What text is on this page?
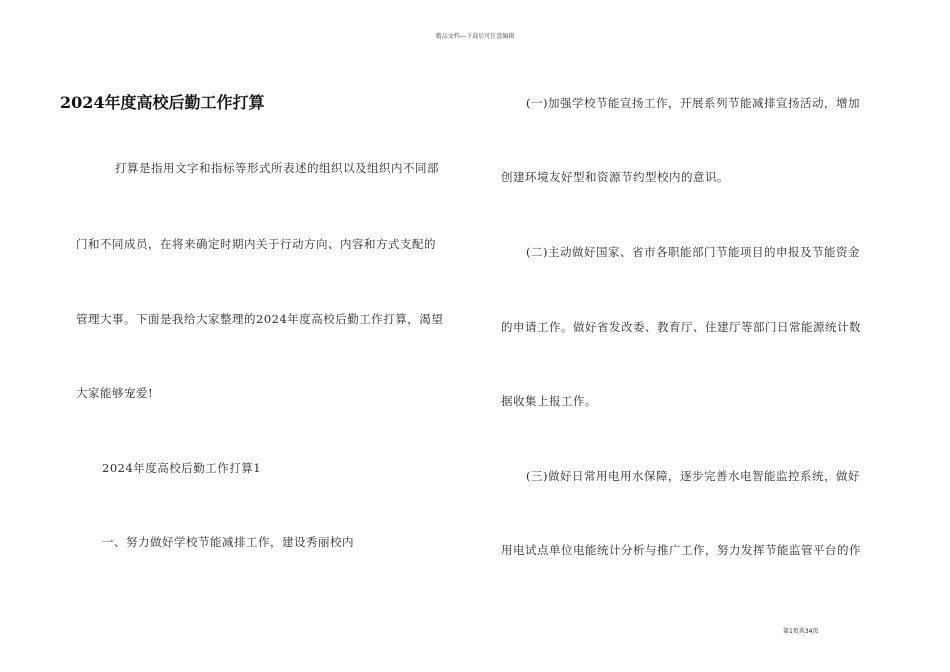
精品文档---下载后可任意编辑
2024年度高校后勤工作打算
打算是指用文字和指标等形式所表述的组织以及组织内不同部
门和不同成员，在将来确定时期内关于行动方向、内容和方式支配的
管理大事。下面是我给大家整理的2024年度高校后勤工作打算，渴望
大家能够宠爱!
2024年度高校后勤工作打算1
一、努力做好学校节能减排工作，建设秀丽校内
(一)加强学校节能宣扬工作，开展系列节能减排宣扬活动，增加
创建环境友好型和资源节约型校内的意识。
(二)主动做好国家、省市各职能部门节能项目的申报及节能资金
的申请工作。做好省发改委、教育厅、住建厅等部门日常能源统计数
据收集上报工作。
(三)做好日常用电用水保障，逐步完善水电智能监控系统，做好
用电试点单位电能统计分析与推广工作，努力发挥节能监管平台的作
第1页共34页
